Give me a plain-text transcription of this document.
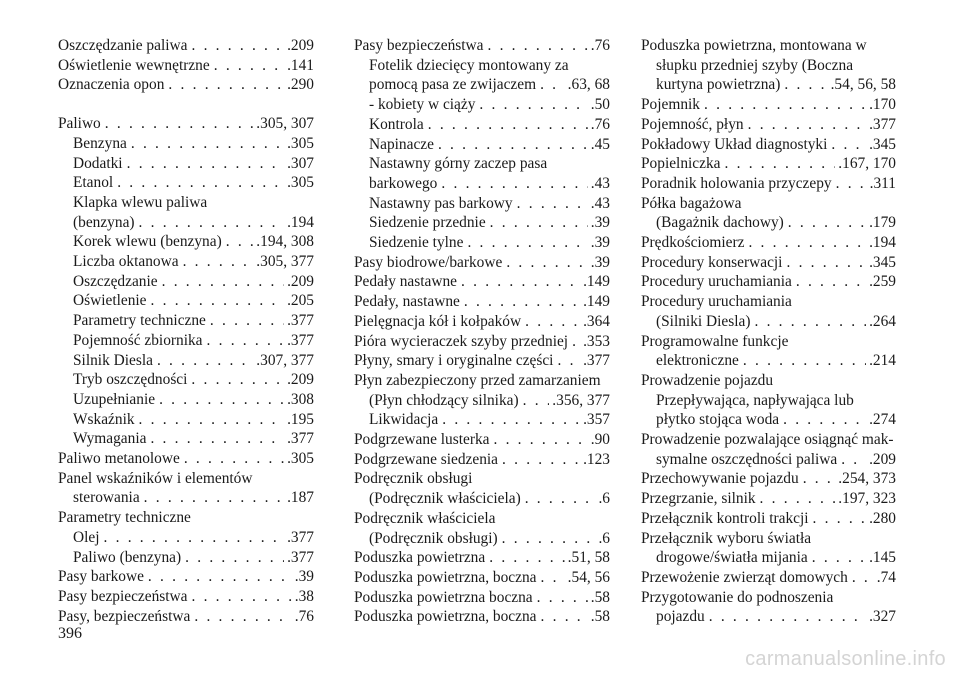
Oszczędzanie paliwa . . .	.209
Oświetlenie wewnętrzne . . .	.141
Oznaczenia opon . . .	.290
Paliwo . . .	.305, 307
Benzyna . . .	.305
Dodatki . . .	.307
Etanol . . .	.305
Klapka wlewu paliwa
(benzyna) . . .	.194
Korek wlewu (benzyna) . . . .194, 308
Liczba oktanowa . . .	.305, 377
Oszczędzanie . . .	.209
Oświetlenie . . .	.205
Parametry techniczne . . .	.377
Pojemność zbiornika . . .	.377
Silnik Diesla . . .	.307, 377
Tryb oszczędności . . .	.209
Uzupełnianie . . .	.308
Wskaźnik . . .	.195
Wymagania . . .	.377
Paliwo metanolowe . . .	.305
Panel wskaźników i elementów
sterowania . . .	.187
Parametry techniczne
Olej . . .	.377
Paliwo (benzyna) . . .	.377
Pasy barkowe . . .	.39
Pasy bezpieczeństwa . . .	.38
Pasy, bezpieczeństwa . . .	.76
Pasy bezpieczeństwa . . .	.76
Fotelik dziecięcy montowany za
pomocą pasa ze zwijaczem . . . .63, 68
- kobiety w ciąży . . .	.50
Kontrola . . .	.76
Napinacze . . .	.45
Nastawny górny zaczep pasa
barkowego . . .	.43
Nastawny pas barkowy . . .	.43
Siedzenie przednie . . .	.39
Siedzenie tylne . . .	.39
Pasy biodrowe/barkowe . . .	.39
Pedały nastawne . . .	.149
Pedały, nastawne . . .	.149
Pielęgnacja kół i kołpaków . . .	.364
Pióra wycieraczek szyby przedniej . . . .353
Płyny, smary i oryginalne części . . . .377
Płyn zabezpieczony przed zamarzaniem
(Płyn chłodzący silnika) . . . .356, 377
Likwidacja . . .	.357
Podgrzewane lusterka . . .	.90
Podgrzewane siedzenia . . .	.123
Podręcznik obsługi
(Podręcznik właściciela) . . .	.6
Podręcznik właściciela
(Podręcznik obsługi) . . .	.6
Poduszka powietrzna . . .	.51, 58
Poduszka powietrzna, boczna . . . .54, 56
Poduszka powietrzna boczna . . .	.58
Poduszka powietrzna, boczna . . .	.58
Poduszka powietrzna, montowana w
słupku przedniej szyby (Boczna
kurtyna powietrzna) . . .	.54, 56, 58
Pojemnik . . .	.170
Pojemność, płyn . . .	.377
Pokładowy Układ diagnostyki . . .	.345
Popielniczka . . .	.167, 170
Poradnik holowania przyczepy . . . .311
Półka bagażowa
(Bagażnik dachowy) . . .	.179
Prędkościomierz . . .	.194
Procedury konserwacji . . .	.345
Procedury uruchamiania . . .	.259
Procedury uruchamiania
(Silniki Diesla) . . .	.264
Programowalne funkcje
elektroniczne . . .	.214
Prowadzenie pojazdu
Przepływająca, napływająca lub
płytko stojąca woda . . .	.274
Prowadzenie pozwalające osiągnąć mak-
symalne oszczędności paliwa . . . .209
Przechowywanie pojazdu . . .	.254, 373
Przegrzanie, silnik . . .	.197, 323
Przełącznik kontroli trakcji . . .	.280
Przełącznik wyboru światła
drogowe/światła mijania . . .	.145
Przewożenie zwierząt domowych . . . .74
Przygotowanie do podnoszenia
pojazdu . . .	.327
396
carmanualsonline.info
